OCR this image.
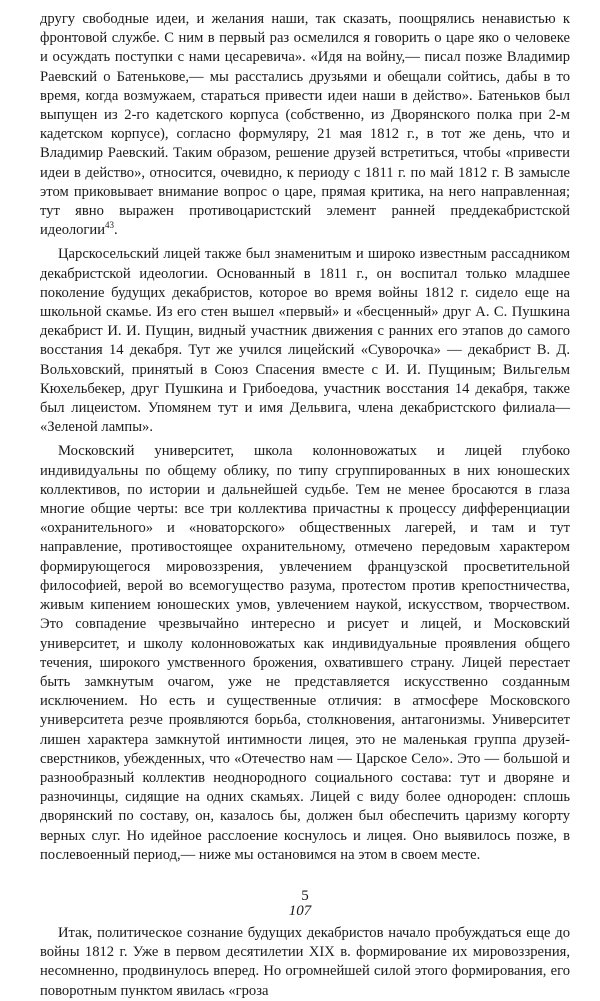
другу свободные идеи, и желания наши, так сказать, поощрялись ненавистью к фронтовой службе. С ним в первый раз осмелился я говорить о царе яко о человеке и осуждать поступки с нами цесаревича». «Идя на войну,— писал позже Владимир Раевский о Батенькове,— мы расстались друзьями и обещали сойтись, дабы в то время, когда возмужаем, стараться привести идеи наши в действо». Батеньков был выпущен из 2-го кадетского корпуса (собственно, из Дворянского полка при 2-м кадетском корпусе), согласно формуляру, 21 мая 1812 г., в тот же день, что и Владимир Раевский. Таким образом, решение друзей встретиться, чтобы «привести идеи в действо», относится, очевидно, к периоду с 1811 г. по май 1812 г. В замысле этом приковывает внимание вопрос о царе, прямая критика, на него направленная; тут явно выражен противоцаристский элемент ранней преддекабристской идеологии$^{43}$.

Царскосельский лицей также был знаменитым и широко известным рассадником декабристской идеологии. Основанный в 1811 г., он воспитал только младшее поколение будущих декабристов, которое во время войны 1812 г. сидело еще на школьной скамье. Из его стен вышел «первый» и «бесценный» друг А. С. Пушкина декабрист И. И. Пущин, видный участник движения с ранних его этапов до самого восстания 14 декабря. Тут же учился лицейский «Суворочка» — декабрист В. Д. Вольховский, принятый в Союз Спасения вместе с И. И. Пущиным; Вильгельм Кюхельбекер, друг Пушкина и Грибоедова, участник восстания 14 декабря, также был лицеистом. Упомянем тут и имя Дельвига, члена декабристского филиала— «Зеленой лампы».

Московский университет, школа колонновожатых и лицей глубоко индивидуальны по общему облику, по типу сгруппированных в них юношеских коллективов, по истории и дальнейшей судьбе. Тем не менее бросаются в глаза многие общие черты: все три коллектива причастны к процессу дифференциации «охранительного» и «новаторского» общественных лагерей, и там и тут направление, противостоящее охранительному, отмечено передовым характером формирующегося мировоззрения, увлечением французской просветительной философией, верой во всемогущество разума, протестом против крепостничества, живым кипением юношеских умов, увлечением наукой, искусством, творчеством. Это совпадение чрезвычайно интересно и рисует и лицей, и Московский университет, и школу колонновожатых как индивидуальные проявления общего течения, широкого умственного брожения, охватившего страну. Лицей перестает быть замкнутым очагом, уже не представляется искусственно созданным исключением. Но есть и существенные отличия: в атмосфере Московского университета резче проявляются борьба, столкновения, антагонизмы. Университет лишен характера замкнутой интимности лицея, это не маленькая группа друзей-сверстников, убежденных, что «Отечество нам — Царское Село». Это — большой и разнообразный коллектив неоднородного социального состава: тут и дворяне и разночинцы, сидящие на одних скамьях. Лицей с виду более однороден: сплошь дворянский по составу, он, казалось бы, должен был обеспечить царизму когорту верных слуг. Но идейное расслоение коснулось и лицея. Оно выявилось позже, в послевоенный период,— ниже мы остановимся на этом в своем месте.

5

Итак, политическое сознание будущих декабристов начало пробуждаться еще до войны 1812 г. Уже в первом десятилетии XIX в. формирование их мировоззрения, несомненно, продвинулось вперед. Но огромнейшей силой этого формирования, его поворотным пунктом явилась «гроза

107
